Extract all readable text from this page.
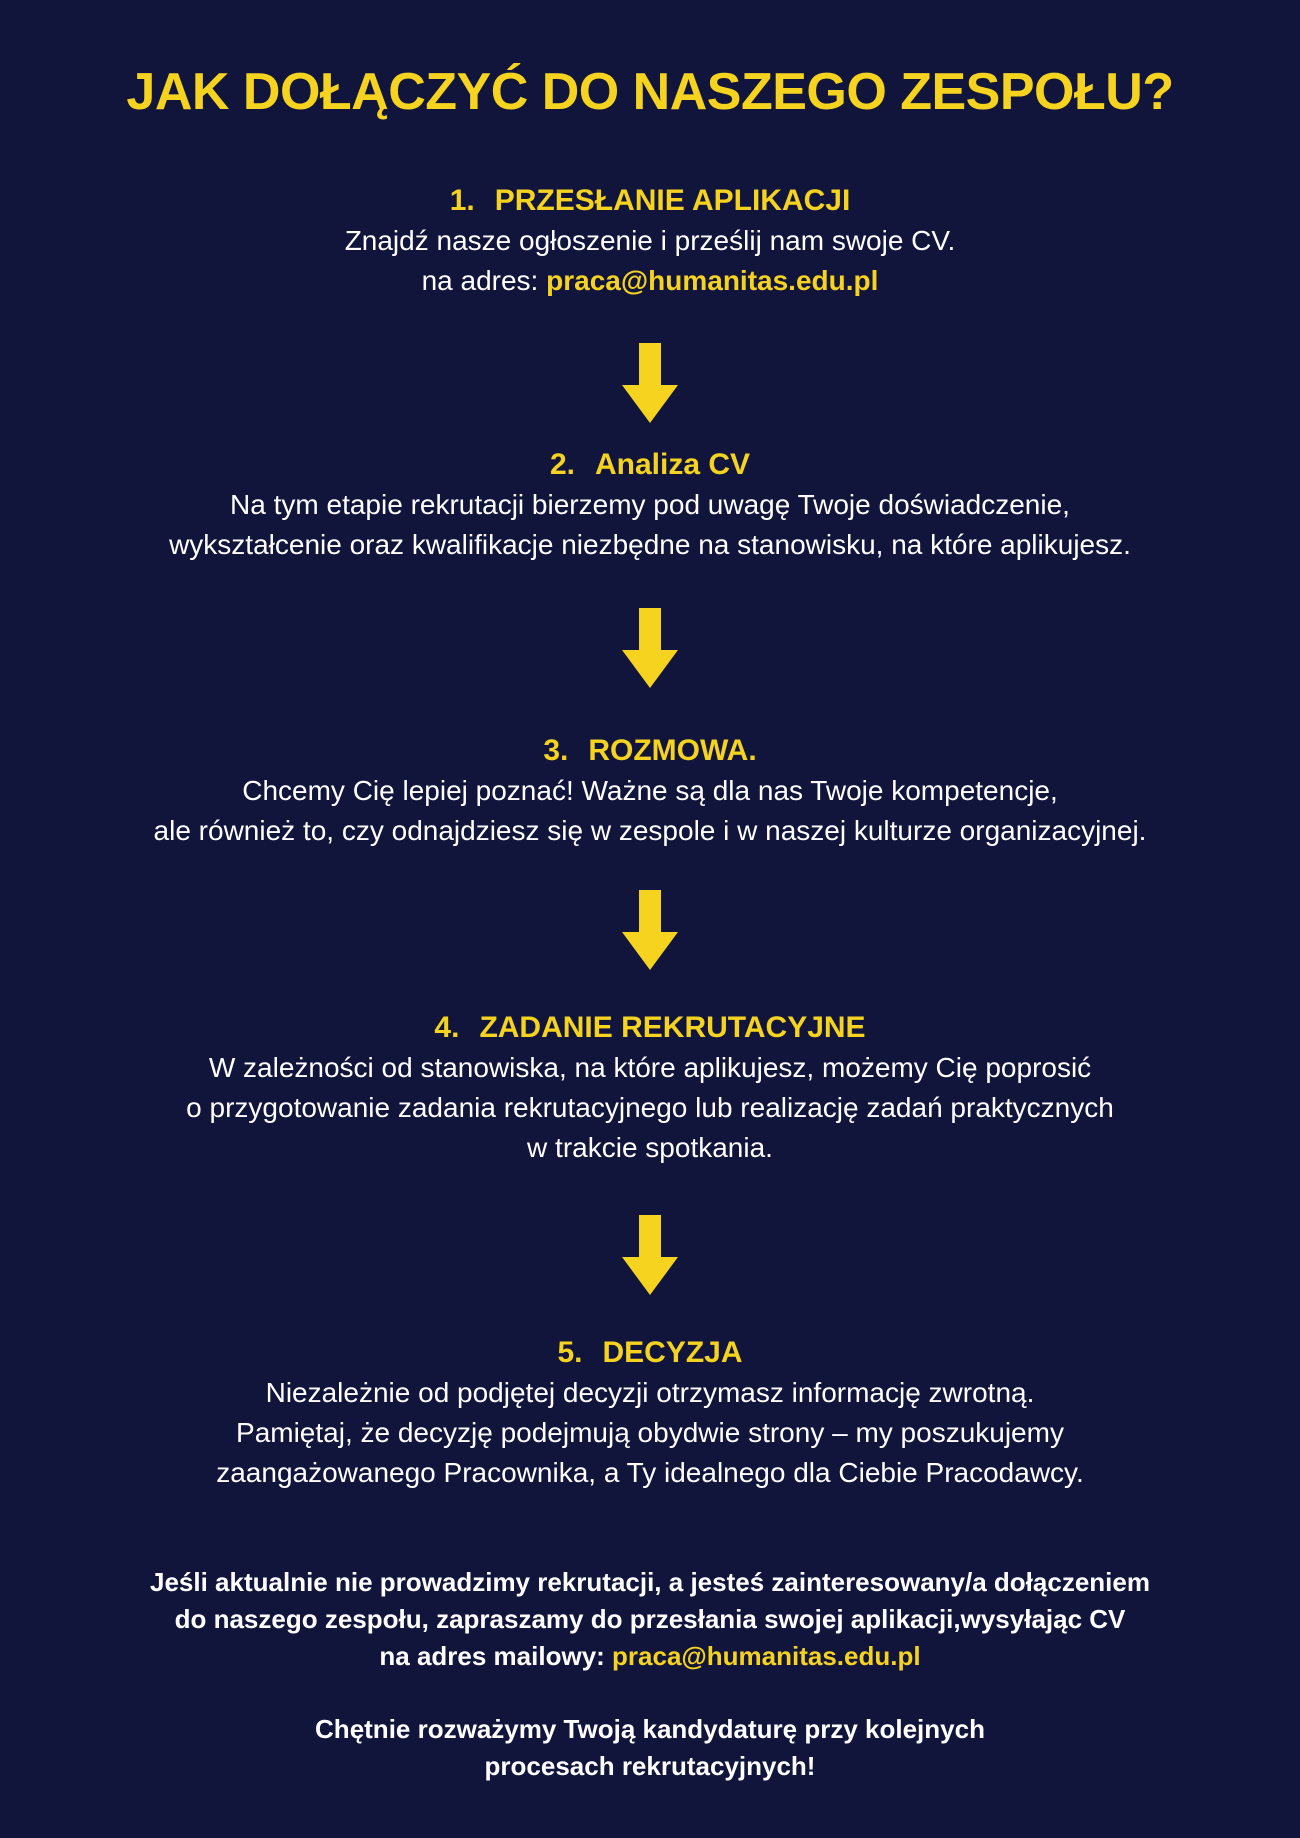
JAK DOŁĄCZYĆ DO NASZEGO ZESPOŁU?

1. PRZESŁANIE APLIKACJI

Znajdź nasze ogłoszenie i prześlij nam swoje CV.

na adres: praca@humanitas.edu.pl

2. Analiza CV

Na tym etapie rekrutacji bierzemy pod uwagę Twoje doświadczenie,

wykształcenie oraz kwalifikacje niezbędne na stanowisku, na które aplikujesz.

3. ROZMOWA.

Chcemy Cię lepiej poznać! Ważne są dla nas Twoje kompetencje,

ale również to, czy odnajdziesz się w zespole i w naszej kulturze organizacyjnej.

4. ZADANIE REKRUTACYJNE

W zależności od stanowiska, na które aplikujesz, możemy Cię poprosić

o przygotowanie zadania rekrutacyjnego lub realizację zadań praktycznych

w trakcie spotkania.

5. DECYZJA

Niezależnie od podjętej decyzji otrzymasz informację zwrotną.

Pamiętaj, że decyzję podejmują obydwie strony – my poszukujemy

zaangażowanego Pracownika, a Ty idealnego dla Ciebie Pracodawcy.

Jeśli aktualnie nie prowadzimy rekrutacji, a jesteś zainteresowany/a dołączeniem
do naszego zespołu, zapraszamy do przesłania swojej aplikacji,wysyłając CV
na adres mailowy: praca@humanitas.edu.pl
Chętnie rozważymy Twoją kandydaturę przy kolejnych
procesach rekrutacyjnych!
